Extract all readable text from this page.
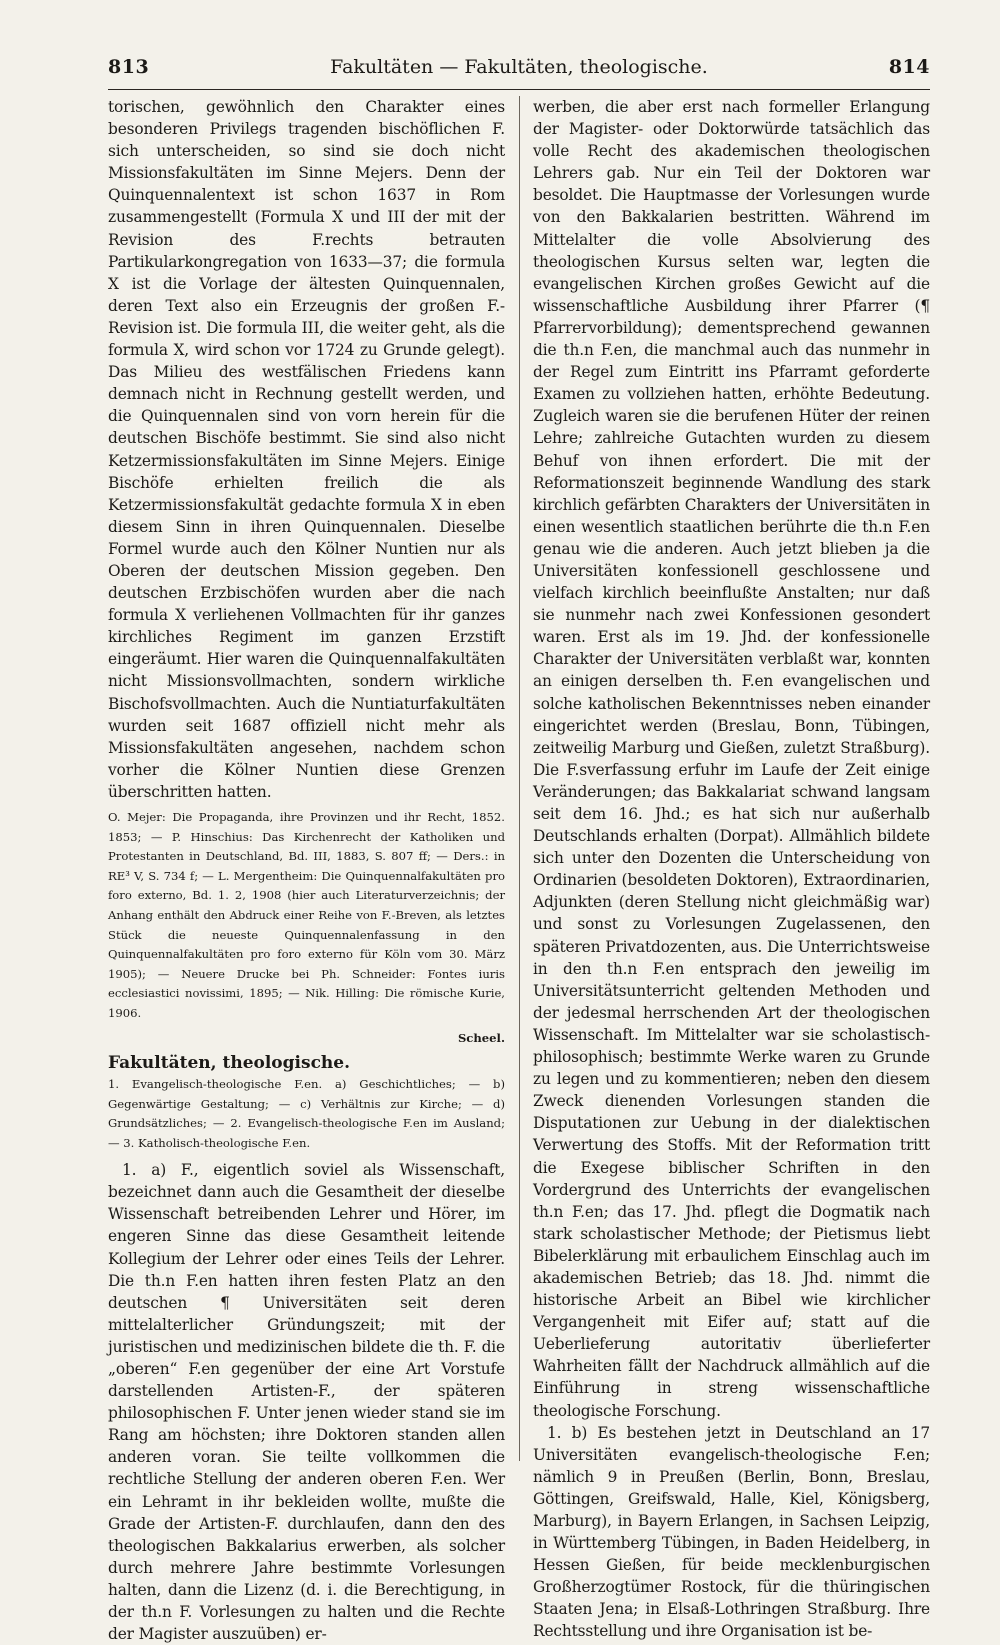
813	Fakultäten — Fakultäten, theologische.	814

torischen, gewöhnlich den Charakter eines besonderen Privilegs tragenden bischöflichen F. sich unterscheiden, so sind sie doch nicht Missionsfakultäten im Sinne Mejers. Denn der Quinquennalentext ist schon 1637 in Rom zusammengestellt (Formula X und III der mit der Revision des F.rechts betrauten Partikularkongregation von 1633—37; die formula X ist die Vorlage der ältesten Quinquennalen, deren Text also ein Erzeugnis der großen F.-Revision ist. Die formula III, die weiter geht, als die formula X, wird schon vor 1724 zu Grunde gelegt). Das Milieu des westfälischen Friedens kann demnach nicht in Rechnung gestellt werden, und die Quinquennalen sind von vorn herein für die deutschen Bischöfe bestimmt. Sie sind also nicht Ketzermissionsfakultäten im Sinne Mejers. Einige Bischöfe erhielten freilich die als Ketzermissionsfakultät gedachte formula X in eben diesem Sinn in ihren Quinquennalen. Dieselbe Formel wurde auch den Kölner Nuntien nur als Oberen der deutschen Mission gegeben. Den deutschen Erzbischöfen wurden aber die nach formula X verliehenen Vollmachten für ihr ganzes kirchliches Regiment im ganzen Erzstift eingeräumt. Hier waren die Quinquennalfakultäten nicht Missionsvollmachten, sondern wirkliche Bischofsvollmachten. Auch die Nuntiaturfakultäten wurden seit 1687 offiziell nicht mehr als Missionsfakultäten angesehen, nachdem schon vorher die Kölner Nuntien diese Grenzen überschritten hatten.

O. Mejer: Die Propaganda, ihre Provinzen und ihr Recht, 1852. 1853; — P. Hinschius: Das Kirchenrecht der Katholiken und Protestanten in Deutschland, Bd. III, 1883, S. 807 ff; — Ders.: in RE³ V, S. 734 f; — L. Mergentheim: Die Quinquennalfakultäten pro foro externo, Bd. 1. 2, 1908 (hier auch Literaturverzeichnis; der Anhang enthält den Abdruck einer Reihe von F.-Breven, als letztes Stück die neueste Quinquennalenfassung in den Quinquennalfakultäten pro foro externo für Köln vom 30. März 1905); — Neuere Drucke bei Ph. Schneider: Fontes iuris ecclesiastici novissimi, 1895; — Nik. Hilling: Die römische Kurie, 1906.

Scheel.

Fakultäten, theologische.

1. Evangelisch-theologische F.en. a) Geschichtliches; — b) Gegenwärtige Gestaltung; — c) Verhältnis zur Kirche; — d) Grundsätzliches; — 2. Evangelisch-theologische F.en im Ausland; — 3. Katholisch-theologische F.en.

1. a) F., eigentlich soviel als Wissenschaft, bezeichnet dann auch die Gesamtheit der dieselbe Wissenschaft betreibenden Lehrer und Hörer, im engeren Sinne das diese Gesamtheit leitende Kollegium der Lehrer oder eines Teils der Lehrer. Die th.n F.en hatten ihren festen Platz an den deutschen ¶ Universitäten seit deren mittelalterlicher Gründungszeit; mit der juristischen und medizinischen bildete die th. F. die „oberen“ F.en gegenüber der eine Art Vorstufe darstellenden Artisten-F., der späteren philosophischen F. Unter jenen wieder stand sie im Rang am höchsten; ihre Doktoren standen allen anderen voran. Sie teilte vollkommen die rechtliche Stellung der anderen oberen F.en. Wer ein Lehramt in ihr bekleiden wollte, mußte die Grade der Artisten-F. durchlaufen, dann den des theologischen Bakkalarius erwerben, als solcher durch mehrere Jahre bestimmte Vorlesungen halten, dann die Lizenz (d. i. die Berechtigung, in der th.n F. Vorlesungen zu halten und die Rechte der Magister auszuüben) er-

werben, die aber erst nach formeller Erlangung der Magister- oder Doktorwürde tatsächlich das volle Recht des akademischen theologischen Lehrers gab. Nur ein Teil der Doktoren war besoldet. Die Hauptmasse der Vorlesungen wurde von den Bakkalarien bestritten. Während im Mittelalter die volle Absolvierung des theologischen Kursus selten war, legten die evangelischen Kirchen großes Gewicht auf die wissenschaftliche Ausbildung ihrer Pfarrer (¶ Pfarrervorbildung); dementsprechend gewannen die th.n F.en, die manchmal auch das nunmehr in der Regel zum Eintritt ins Pfarramt geforderte Examen zu vollziehen hatten, erhöhte Bedeutung. Zugleich waren sie die berufenen Hüter der reinen Lehre; zahlreiche Gutachten wurden zu diesem Behuf von ihnen erfordert. Die mit der Reformationszeit beginnende Wandlung des stark kirchlich gefärbten Charakters der Universitäten in einen wesentlich staatlichen berührte die th.n F.en genau wie die anderen. Auch jetzt blieben ja die Universitäten konfessionell geschlossene und vielfach kirchlich beeinflußte Anstalten; nur daß sie nunmehr nach zwei Konfessionen gesondert waren. Erst als im 19. Jhd. der konfessionelle Charakter der Universitäten verblaßt war, konnten an einigen derselben th. F.en evangelischen und solche katholischen Bekenntnisses neben einander eingerichtet werden (Breslau, Bonn, Tübingen, zeitweilig Marburg und Gießen, zuletzt Straßburg). Die F.sverfassung erfuhr im Laufe der Zeit einige Veränderungen; das Bakkalariat schwand langsam seit dem 16. Jhd.; es hat sich nur außerhalb Deutschlands erhalten (Dorpat). Allmählich bildete sich unter den Dozenten die Unterscheidung von Ordinarien (besoldeten Doktoren), Extraordinarien, Adjunkten (deren Stellung nicht gleichmäßig war) und sonst zu Vorlesungen Zugelassenen, den späteren Privatdozenten, aus. Die Unterrichtsweise in den th.n F.en entsprach den jeweilig im Universitätsunterricht geltenden Methoden und der jedesmal herrschenden Art der theologischen Wissenschaft. Im Mittelalter war sie scholastisch-philosophisch; bestimmte Werke waren zu Grunde zu legen und zu kommentieren; neben den diesem Zweck dienenden Vorlesungen standen die Disputationen zur Uebung in der dialektischen Verwertung des Stoffs. Mit der Reformation tritt die Exegese biblischer Schriften in den Vordergrund des Unterrichts der evangelischen th.n F.en; das 17. Jhd. pflegt die Dogmatik nach stark scholastischer Methode; der Pietismus liebt Bibelerklärung mit erbaulichem Einschlag auch im akademischen Betrieb; das 18. Jhd. nimmt die historische Arbeit an Bibel wie kirchlicher Vergangenheit mit Eifer auf; statt auf die Ueberlieferung autoritativ überlieferter Wahrheiten fällt der Nachdruck allmählich auf die Einführung in streng wissenschaftliche theologische Forschung.

1. b) Es bestehen jetzt in Deutschland an 17 Universitäten evangelisch-theologische F.en; nämlich 9 in Preußen (Berlin, Bonn, Breslau, Göttingen, Greifswald, Halle, Kiel, Königsberg, Marburg), in Bayern Erlangen, in Sachsen Leipzig, in Württemberg Tübingen, in Baden Heidelberg, in Hessen Gießen, für beide mecklenburgischen Großherzogtümer Rostock, für die thüringischen Staaten Jena; in Elsaß-Lothringen Straßburg. Ihre Rechtsstellung und ihre Organisation ist be-
